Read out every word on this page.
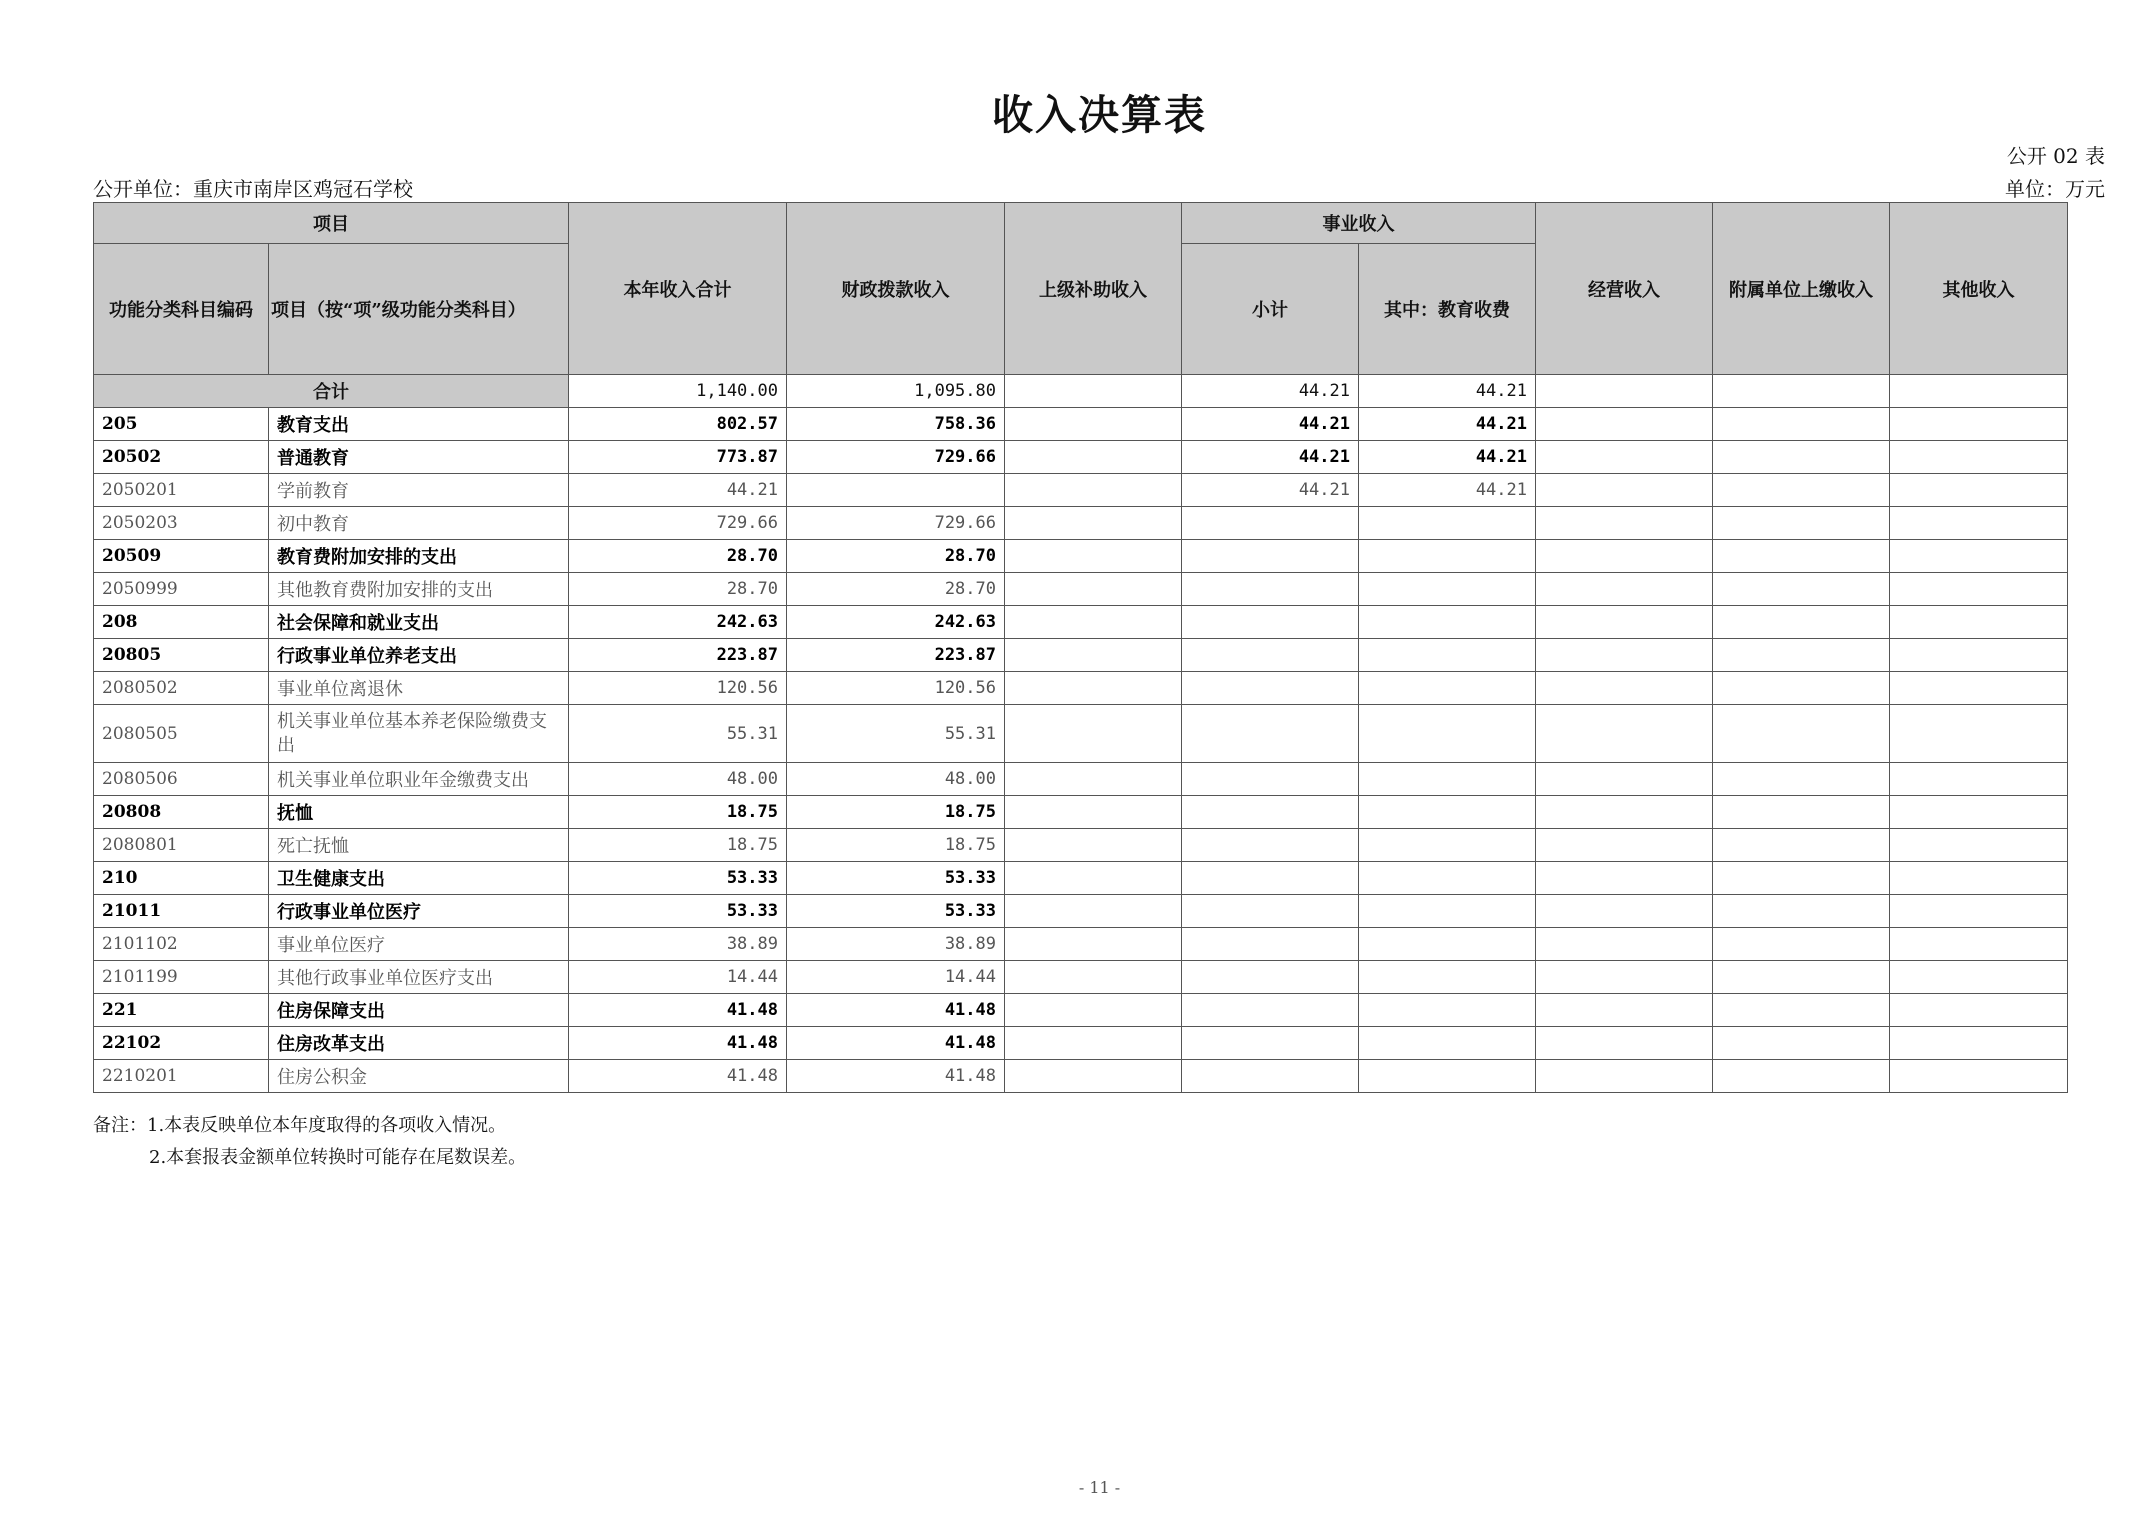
收入决算表
公开 02 表
公开单位：重庆市南岸区鸡冠石学校	单位：万元
项目		本年收入合计	财政拨款收入	上级补助收入	事业收入		经营收入	附属单位上缴收入	其他收入
功能分类科目编码	项目（按“项”级功能分类科目）				小计	其中：教育收费			
合计		1,140.00	1,095.80		44.21	44.21			
205	教育支出	802.57	758.36		44.21	44.21			
20502	普通教育	773.87	729.66		44.21	44.21			
2050201	学前教育	44.21			44.21	44.21			
2050203	初中教育	729.66	729.66						
20509	教育费附加安排的支出	28.70	28.70						
2050999	其他教育费附加安排的支出	28.70	28.70						
208	社会保障和就业支出	242.63	242.63						
20805	行政事业单位养老支出	223.87	223.87						
2080502	事业单位离退休	120.56	120.56						
2080505	机关事业单位基本养老保险缴费支出	55.31	55.31						
2080506	机关事业单位职业年金缴费支出	48.00	48.00						
20808	抚恤	18.75	18.75						
2080801	死亡抚恤	18.75	18.75						
210	卫生健康支出	53.33	53.33						
21011	行政事业单位医疗	53.33	53.33						
2101102	事业单位医疗	38.89	38.89						
2101199	其他行政事业单位医疗支出	14.44	14.44						
221	住房保障支出	41.48	41.48						
22102	住房改革支出	41.48	41.48						
2210201	住房公积金	41.48	41.48						
备注：1.本表反映单位本年度取得的各项收入情况。
2.本套报表金额单位转换时可能存在尾数误差。
- 11 -
